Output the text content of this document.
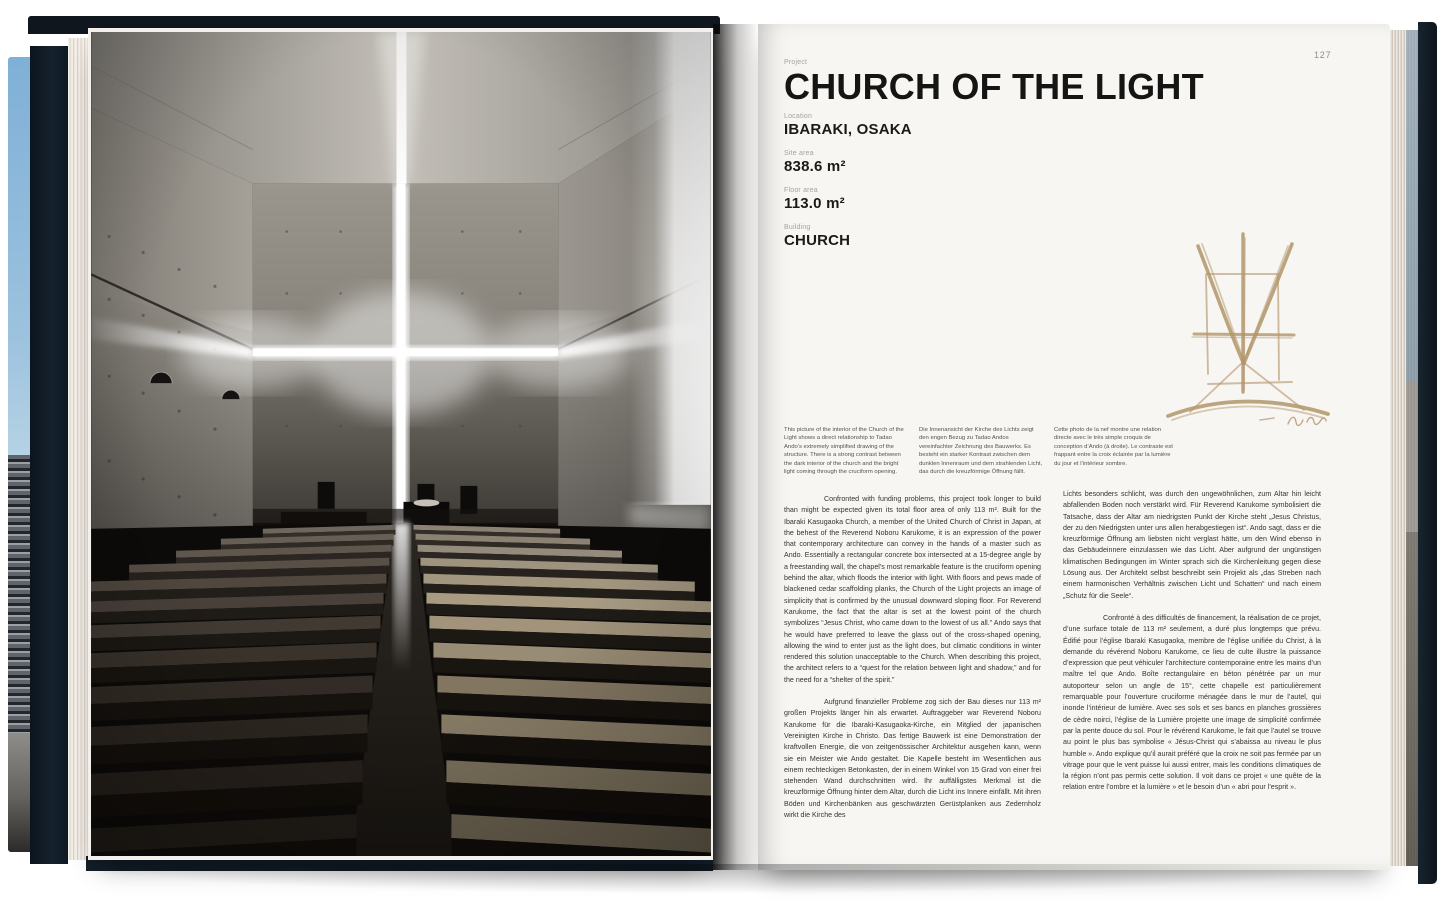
127
Project
CHURCH OF THE LIGHT
Location
IBARAKI, OSAKA
Site area
838.6 m²
Floor area
113.0 m²
Building
CHURCH
This picture of the interior of the Church of the Light shows a direct relationship to Tadao Ando’s extremely simplified drawing of the structure. There is a strong contrast between the dark interior of the church and the bright light coming through the cruciform opening.
Die Innenansicht der Kirche des Lichts zeigt den engen Bezug zu Tadao Andos vereinfachter Zeichnung des Bauwerks. Es besteht ein starker Kontrast zwischen dem dunklen Innenraum und dem strahlenden Licht, das durch die kreuzförmige Öffnung fällt.
Cette photo de la nef montre une relation directe avec le très simple croquis de conception d’Ando (à droite). Le contraste est frappant entre la croix éclairée par la lumière du jour et l’intérieur sombre.

Confronted with funding problems, this project took longer to build than might be expected given its total floor area of only 113 m². Built for the Ibaraki Kasugaoka Church, a member of the United Church of Christ in Japan, at the behest of the Reverend Noboru Karukome, it is an expression of the power that contemporary architecture can convey in the hands of a master such as Ando. Essentially a rectangular concrete box intersected at a 15-degree angle by a freestanding wall, the chapel’s most remarkable feature is the cruciform opening behind the altar, which floods the interior with light. With floors and pews made of blackened cedar scaffolding planks, the Church of the Light projects an image of simplicity that is confirmed by the unusual downward sloping floor. For Reverend Karukome, the fact that the altar is set at the lowest point of the church symbolizes “Jesus Christ, who came down to the lowest of us all.” Ando says that he would have preferred to leave the glass out of the cross-shaped opening, allowing the wind to enter just as the light does, but climatic conditions in winter rendered this solution unacceptable to the Church. When describing this project, the architect refers to a “quest for the relation between light and shadow,” and for the need for a “shelter of the spirit.”

Aufgrund finanzieller Probleme zog sich der Bau dieses nur 113 m² großen Projekts länger hin als erwartet. Auftraggeber war Reverend Noboru Karukome für die Ibaraki-Kasugaoka-Kirche, ein Mitglied der japanischen Vereinigten Kirche in Christo. Das fertige Bauwerk ist eine Demonstration der kraftvollen Energie, die von zeitgenössischer Architektur ausgehen kann, wenn sie ein Meister wie Ando gestaltet. Die Kapelle besteht im Wesentlichen aus einem rechteckigen Betonkasten, der in einem Winkel von 15 Grad von einer frei stehenden Wand durchschnitten wird. Ihr auffälligstes Merkmal ist die kreuzförmige Öffnung hinter dem Altar, durch die Licht ins Innere einfällt. Mit ihren Böden und Kirchenbänken aus geschwärzten Gerüstplanken aus Zedernholz wirkt die Kirche des

Lichts besonders schlicht, was durch den ungewöhnlichen, zum Altar hin leicht abfallenden Boden noch verstärkt wird. Für Reverend Karukome symbolisiert die Tatsache, dass der Altar am niedrigsten Punkt der Kirche steht „Jesus Christus, der zu den Niedrigsten unter uns allen herabgestiegen ist“. Ando sagt, dass er die kreuzförmige Öffnung am liebsten nicht verglast hätte, um den Wind ebenso in das Gebäudeinnere einzulassen wie das Licht. Aber aufgrund der ungünstigen klimatischen Bedingungen im Winter sprach sich die Kirchenleitung gegen diese Lösung aus. Der Architekt selbst beschreibt sein Projekt als „das Streben nach einem harmonischen Verhältnis zwischen Licht und Schatten“ und nach einem „Schutz für die Seele“.

Confronté à des difficultés de financement, la réalisation de ce projet, d’une surface totale de 113 m² seulement, a duré plus longtemps que prévu. Édifié pour l’église Ibaraki Kasugaoka, membre de l’église unifiée du Christ, à la demande du révérend Noboru Karukome, ce lieu de culte illustre la puissance d’expression que peut véhiculer l’architecture contemporaine entre les mains d’un maître tel que Ando. Boîte rectangulaire en béton pénétrée par un mur autoporteur selon un angle de 15°, cette chapelle est particulièrement remarquable pour l’ouverture cruciforme ménagée dans le mur de l’autel, qui inonde l’intérieur de lumière. Avec ses sols et ses bancs en planches grossières de cèdre noirci, l’église de la Lumière projette une image de simplicité confirmée par la pente douce du sol. Pour le révérend Karukome, le fait que l’autel se trouve au point le plus bas symbolise « Jésus-Christ qui s’abaissa au niveau le plus humble ». Ando explique qu’il aurait préféré que la croix ne soit pas fermée par un vitrage pour que le vent puisse lui aussi entrer, mais les conditions climatiques de la région n’ont pas permis cette solution. Il voit dans ce projet « une quête de la relation entre l’ombre et la lumière » et le besoin d’un « abri pour l’esprit ».
